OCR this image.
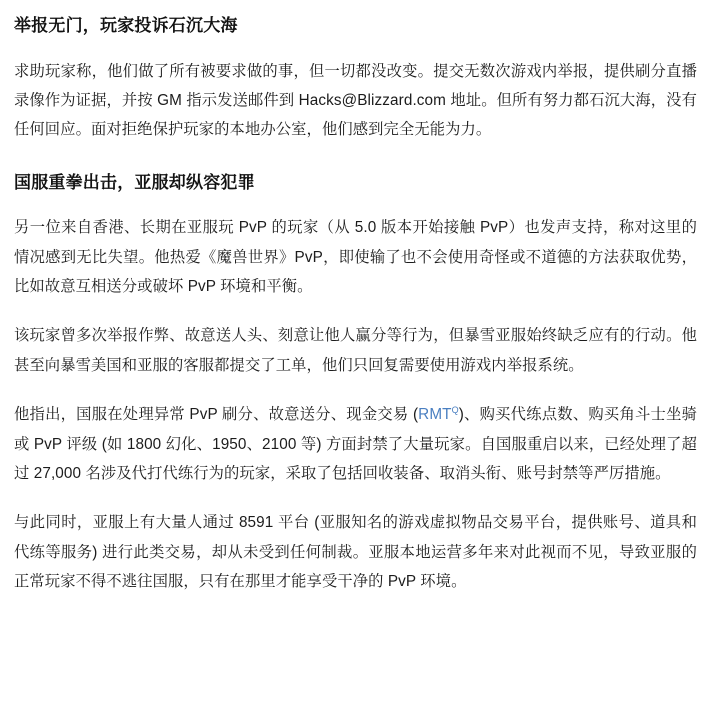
举报无门，玩家投诉石沉大海

求助玩家称，他们做了所有被要求做的事，但一切都没改变。提交无数次游戏内举报，提供刷分直播录像作为证据，并按 GM 指示发送邮件到 Hacks@Blizzard.com 地址。但所有努力都石沉大海，没有任何回应。面对拒绝保护玩家的本地办公室，他们感到完全无能为力。

国服重拳出击，亚服却纵容犯罪

另一位来自香港、长期在亚服玩 PvP 的玩家（从 5.0 版本开始接触 PvP）也发声支持，称对这里的情况感到无比失望。他热爱《魔兽世界》PvP，即使输了也不会使用奇怪或不道德的方法获取优势，比如故意互相送分或破坏 PvP 环境和平衡。

该玩家曾多次举报作弊、故意送人头、刻意让他人赢分等行为，但暴雪亚服始终缺乏应有的行动。他甚至向暴雪美国和亚服的客服都提交了工单，他们只回复需要使用游戏内举报系统。

他指出，国服在处理异常 PvP 刷分、故意送分、现金交易 (RMT$^Q$)、购买代练点数、购买角斗士坐骑或 PvP 评级 (如 1800 幻化、1950、2100 等) 方面封禁了大量玩家。自国服重启以来，已经处理了超过 27,000 名涉及代打代练行为的玩家，采取了包括回收装备、取消头衔、账号封禁等严厉措施。

与此同时，亚服上有大量人通过 8591 平台 (亚服知名的游戏虚拟物品交易平台，提供账号、道具和代练等服务) 进行此类交易，却从未受到任何制裁。亚服本地运营多年来对此视而不见，导致亚服的正常玩家不得不逃往国服，只有在那里才能享受干净的 PvP 环境。
